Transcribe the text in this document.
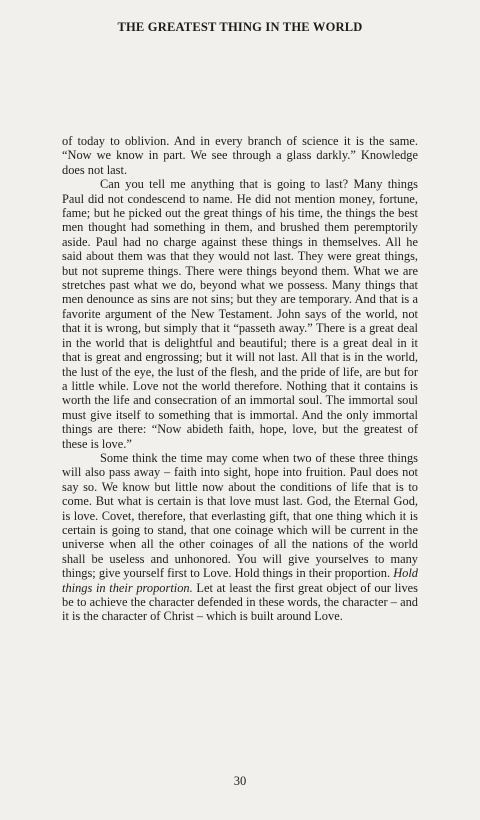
THE GREATEST THING IN THE WORLD

of today to oblivion. And in every branch of science it is the same. “Now we know in part. We see through a glass darkly.” Knowledge does not last.

Can you tell me anything that is going to last? Many things Paul did not condescend to name. He did not mention money, fortune, fame; but he picked out the great things of his time, the things the best men thought had something in them, and brushed them peremptorily aside. Paul had no charge against these things in themselves. All he said about them was that they would not last. They were great things, but not supreme things. There were things beyond them. What we are stretches past what we do, beyond what we possess. Many things that men denounce as sins are not sins; but they are temporary. And that is a favorite argument of the New Testament. John says of the world, not that it is wrong, but simply that it “passeth away.” There is a great deal in the world that is delightful and beautiful; there is a great deal in it that is great and engrossing; but it will not last. All that is in the world, the lust of the eye, the lust of the flesh, and the pride of life, are but for a little while. Love not the world therefore. Nothing that it contains is worth the life and consecration of an immortal soul. The immortal soul must give itself to something that is immortal. And the only immortal things are there: “Now abideth faith, hope, love, but the greatest of these is love.”

Some think the time may come when two of these three things will also pass away – faith into sight, hope into fruition. Paul does not say so. We know but little now about the conditions of life that is to come. But what is certain is that love must last. God, the Eternal God, is love. Covet, therefore, that everlasting gift, that one thing which it is certain is going to stand, that one coinage which will be current in the universe when all the other coinages of all the nations of the world shall be useless and unhonored. You will give yourselves to many things; give yourself first to Love. Hold things in their proportion. Hold things in their proportion. Let at least the first great object of our lives be to achieve the character defended in these words, the character – and it is the character of Christ – which is built around Love.

30
